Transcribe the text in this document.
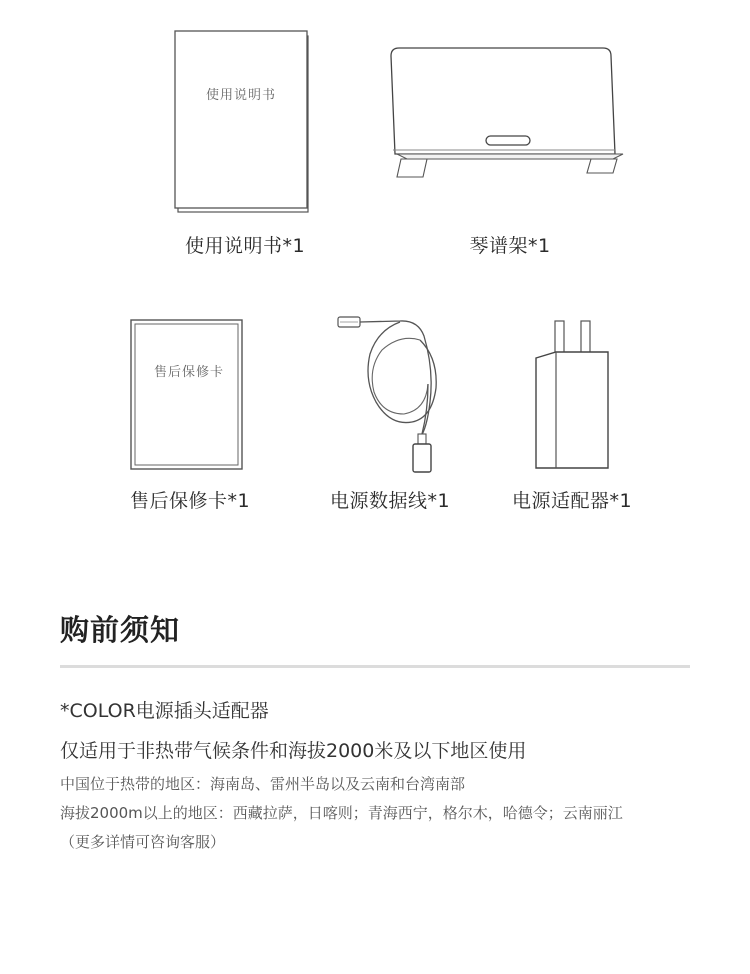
使用说明书
使用说明书*1	琴谱架*1
售后保修卡
售后保修卡*1	电源数据线*1	电源适配器*1
购前须知
*COLOR电源插头适配器
仅适用于非热带气候条件和海拔2000米及以下地区使用
中国位于热带的地区：海南岛、雷州半岛以及云南和台湾南部
海拔2000m以上的地区：西藏拉萨，日喀则；青海西宁，格尔木，哈德令；云南丽江
（更多详情可咨询客服）
